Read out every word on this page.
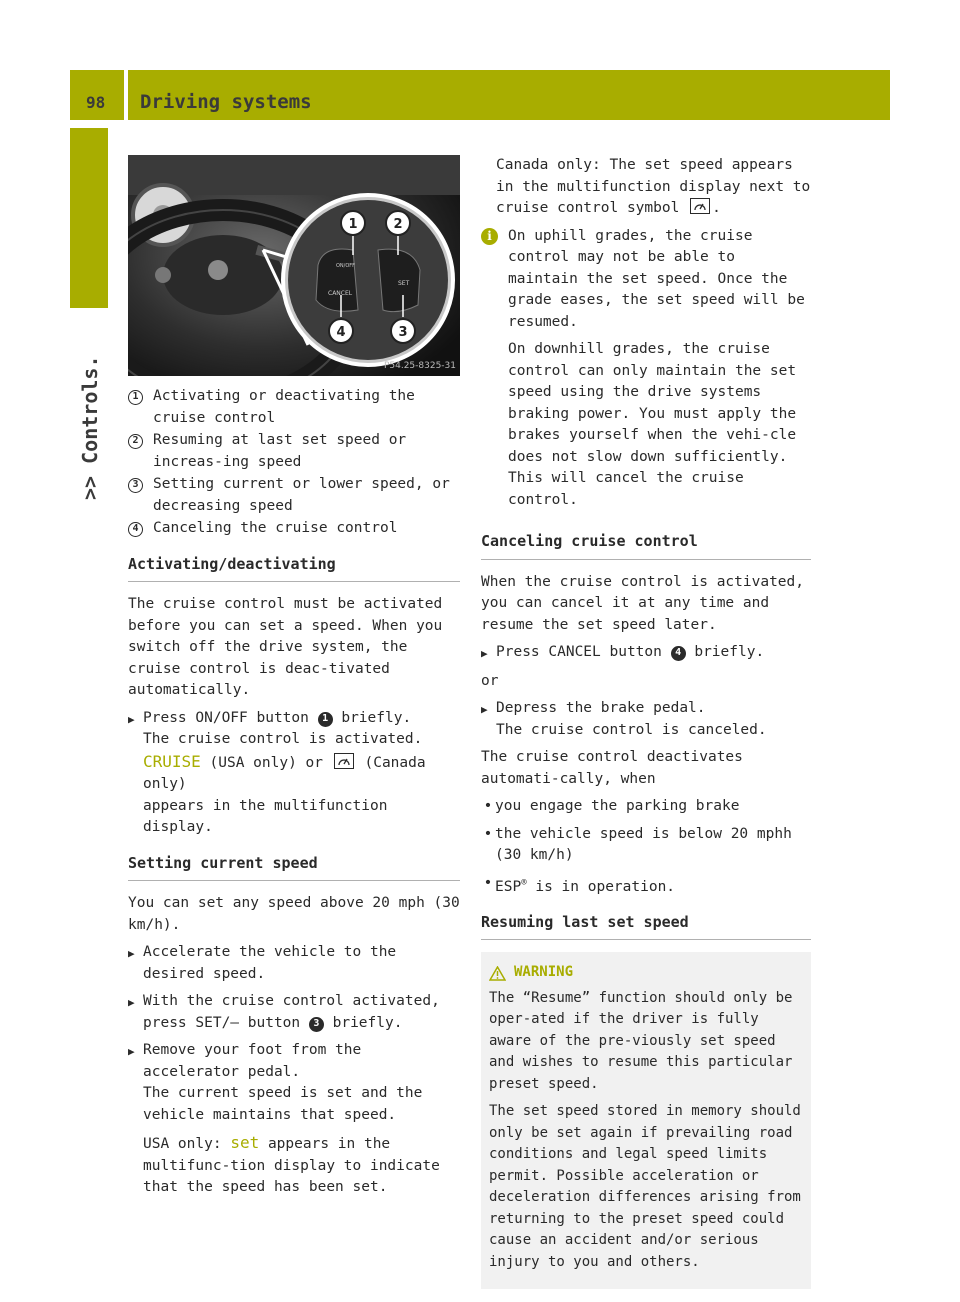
98 Driving systems
>> Controls.
CANCEL
ON/OFF
SET
1	2
4	3
P54.25-8325-31
1 Activating or deactivating the cruise control
2 Resuming at last set speed or increas-ing speed
3 Setting current or lower speed, or decreasing speed
4 Canceling the cruise control
Activating/deactivating

The cruise control must be activated before you can set a speed. When you switch off the drive system, the cruise control is deac-tivated automatically.

▶ Press ON/OFF button 1 briefly.

The cruise control is activated.

CRUISE (USA only) or
(Canada only)

appears in the multifunction display.

Setting current speed

You can set any speed above 20 mph (30 km/h).

▶ Accelerate the vehicle to the desired speed.

▶ With the cruise control activated, press SET/– button 3 briefly.

▶ Remove your foot from the accelerator pedal.

The current speed is set and the vehicle maintains that speed.

USA only: set appears in the multifunc-tion display to indicate that the speed has been set.

Canada only: The set speed appears in the multifunction display next to cruise control symbol
.
i	On uphill grades, the cruise control may not be able to maintain the set speed. Once the grade eases, the set speed will be resumed.

On downhill grades, the cruise control can only maintain the set speed using the drive systems braking power. You must apply the brakes yourself when the vehi-cle does not slow down sufficiently. This will cancel the cruise control.

Canceling cruise control

When the cruise control is activated, you can cancel it at any time and resume the set speed later.

▶ Press CANCEL button 4 briefly.

or

▶ Depress the brake pedal.

The cruise control is canceled.

The cruise control deactivates automati-cally, when

• you engage the parking brake
• the vehicle speed is below 20 mphh (30 km/h)
• ESP® is in operation.
Resuming last set speed
WARNING

The “Resume” function should only be oper-ated if the driver is fully aware of the pre-viously set speed and wishes to resume this particular preset speed.

The set speed stored in memory should only be set again if prevailing road conditions and legal speed limits permit. Possible acceleration or deceleration differences arising from returning to the preset speed could cause an accident and/or serious injury to you and others.
